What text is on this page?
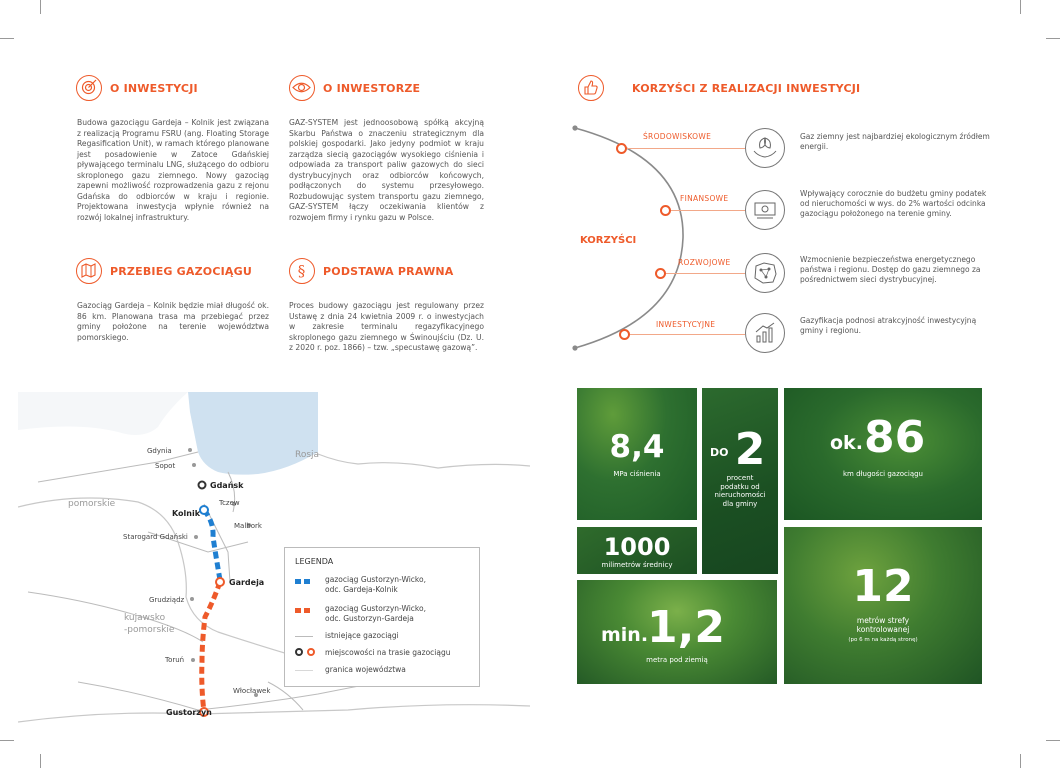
O INWESTYCJI
Budowa gazociągu Gardeja – Kolnik jest związana z realizacją Programu FSRU (ang. Floating Storage Regasification Unit), w ramach którego planowane jest posadowienie w Zatoce Gdańskiej pływającego terminalu LNG, służącego do odbioru skroplonego gazu ziemnego. Nowy gazociąg zapewni możliwość rozprowadzenia gazu z rejonu Gdańska do odbiorców w kraju i regionie. Projektowana inwestycja wpłynie również na rozwój lokalnej infrastruktury.
O INWESTORZE
GAZ-SYSTEM jest jednoosobową spółką akcyjną Skarbu Państwa o znaczeniu strategicznym dla polskiej gospodarki. Jako jedyny podmiot w kraju zarządza siecią gazociągów wysokiego ciśnienia i odpowiada za transport paliw gazowych do sieci dystrybucyjnych oraz odbiorców końcowych, podłączonych do systemu przesyłowego. Rozbudowując system transportu gazu ziemnego, GAZ-SYSTEM łączy oczekiwania klientów z rozwojem firmy i rynku gazu w Polsce.
PRZEBIEG GAZOCIĄGU
Gazociąg Gardeja – Kolnik będzie miał długość ok. 86 km. Planowana trasa ma przebiegać przez gminy położone na terenie województwa pomorskiego.
§ PODSTAWA PRAWNA
Proces budowy gazociągu jest regulowany przez Ustawę z dnia 24 kwietnia 2009 r. o inwestycjach w zakresie terminalu regazyfikacyjnego skroplonego gazu ziemnego w Świnoujściu (Dz. U. z 2020 r. poz. 1866) – tzw. „specustawę gazową”.
Rosja
pomorskie
kujawsko
-pomorskie
Gdynia
Sopot
Tczew
Malbork
Starogard Gdański
Grudziądz
Toruń
Włocławek
Gdańsk
Kolnik
Gardeja
Gustorzyn
LEGENDA
gazociąg Gustorzyn-Wicko,
odc. Gardeja-Kolnik
gazociąg Gustorzyn-Wicko,
odc. Gustorzyn-Gardeja
istniejące gazociągi
miejscowości na trasie gazociągu
granica województwa
KORZYŚCI Z REALIZACJI INWESTYCJI
KORZYŚCI
ŚRODOWISKOWE
FINANSOWE
ROZWOJOWE
INWESTYCYJNE
Gaz ziemny jest najbardziej ekologicznym źródłem energii.
Wpływający corocznie do budżetu gminy podatek od nieruchomości w wys. do 2% wartości odcinka gazociągu położonego na terenie gminy.
Wzmocnienie bezpieczeństwa energetycznego państwa i regionu. Dostęp do gazu ziemnego za pośrednictwem sieci dystrybucyjnej.
Gazyfikacja podnosi atrakcyjność inwestycyjną gminy i regionu.
8,4
MPa ciśnienia
DO 2
procent
podatku od
nieruchomości
dla gminy
ok. 86
km długości gazociągu
1000
milimetrów średnicy
min.
1,2
metra pod ziemią
12
metrów strefy
kontrolowanej
(po 6 m na każdą stronę)
